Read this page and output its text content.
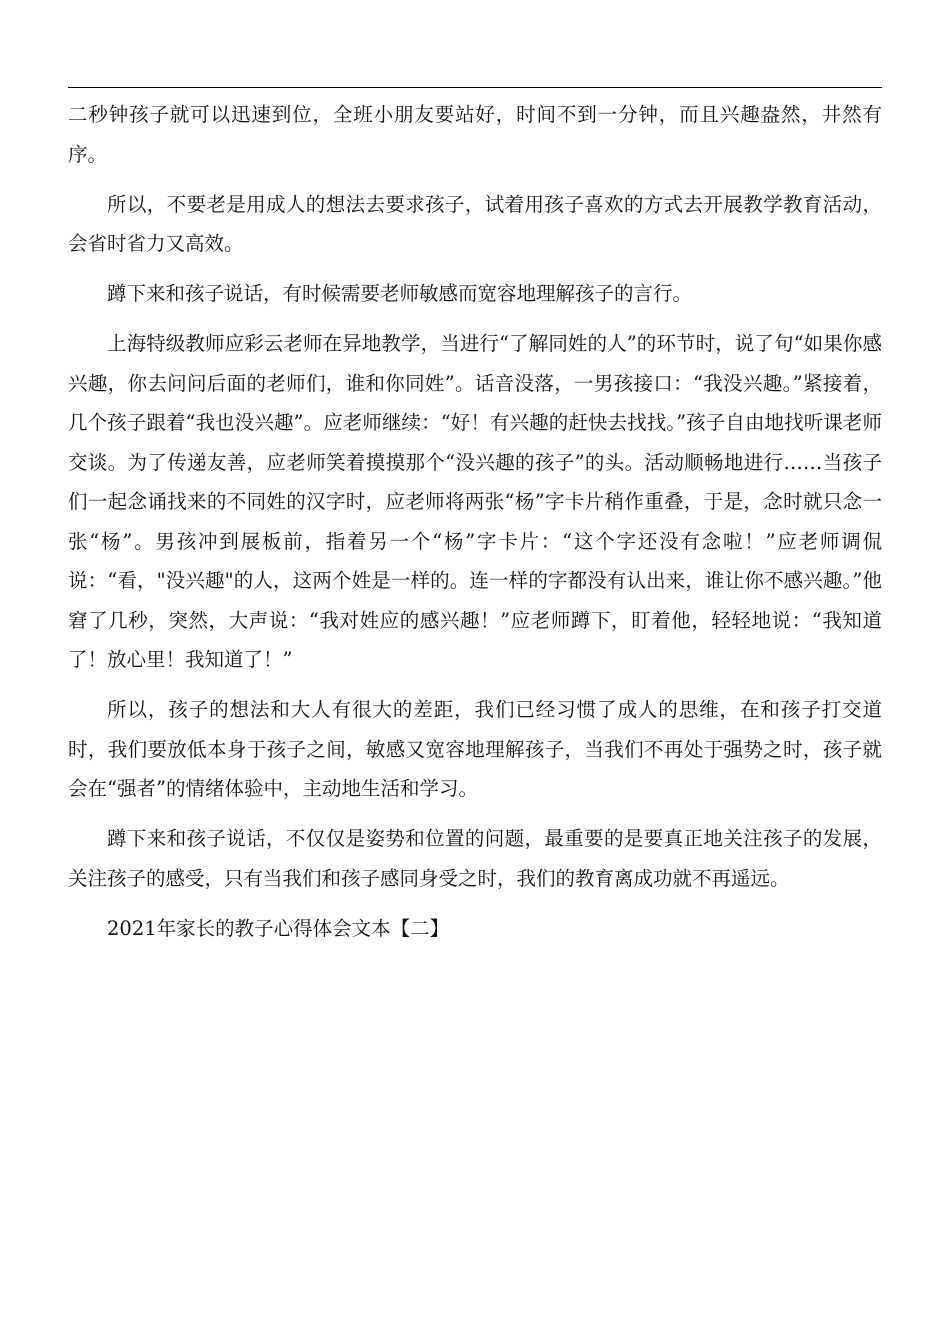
二秒钟孩子就可以迅速到位，全班小朋友要站好，时间不到一分钟，而且兴趣盎然，井然有序。

所以，不要老是用成人的想法去要求孩子，试着用孩子喜欢的方式去开展教学教育活动，会省时省力又高效。

蹲下来和孩子说话，有时候需要老师敏感而宽容地理解孩子的言行。

上海特级教师应彩云老师在异地教学，当进行“了解同姓的人”的环节时，说了句“如果你感兴趣，你去问问后面的老师们，谁和你同姓”。话音没落，一男孩接口：“我没兴趣。”紧接着，几个孩子跟着“我也没兴趣”。应老师继续：“好！有兴趣的赶快去找找。”孩子自由地找听课老师交谈。为了传递友善，应老师笑着摸摸那个“没兴趣的孩子”的头。活动顺畅地进行……当孩子们一起念诵找来的不同姓的汉字时，应老师将两张“杨”字卡片稍作重叠，于是，念时就只念一张“杨”。男孩冲到展板前，指着另一个“杨”字卡片：“这个字还没有念啦！”应老师调侃说：“看，"没兴趣"的人，这两个姓是一样的。连一样的字都没有认出来，谁让你不感兴趣。”他窘了几秒，突然，大声说：“我对姓应的感兴趣！”应老师蹲下，盯着他，轻轻地说：“我知道了！放心里！我知道了！”

所以，孩子的想法和大人有很大的差距，我们已经习惯了成人的思维，在和孩子打交道时，我们要放低本身于孩子之间，敏感又宽容地理解孩子，当我们不再处于强势之时，孩子就会在“强者”的情绪体验中，主动地生活和学习。

蹲下来和孩子说话，不仅仅是姿势和位置的问题，最重要的是要真正地关注孩子的发展，关注孩子的感受，只有当我们和孩子感同身受之时，我们的教育离成功就不再遥远。

2021年家长的教子心得体会文本【二】
